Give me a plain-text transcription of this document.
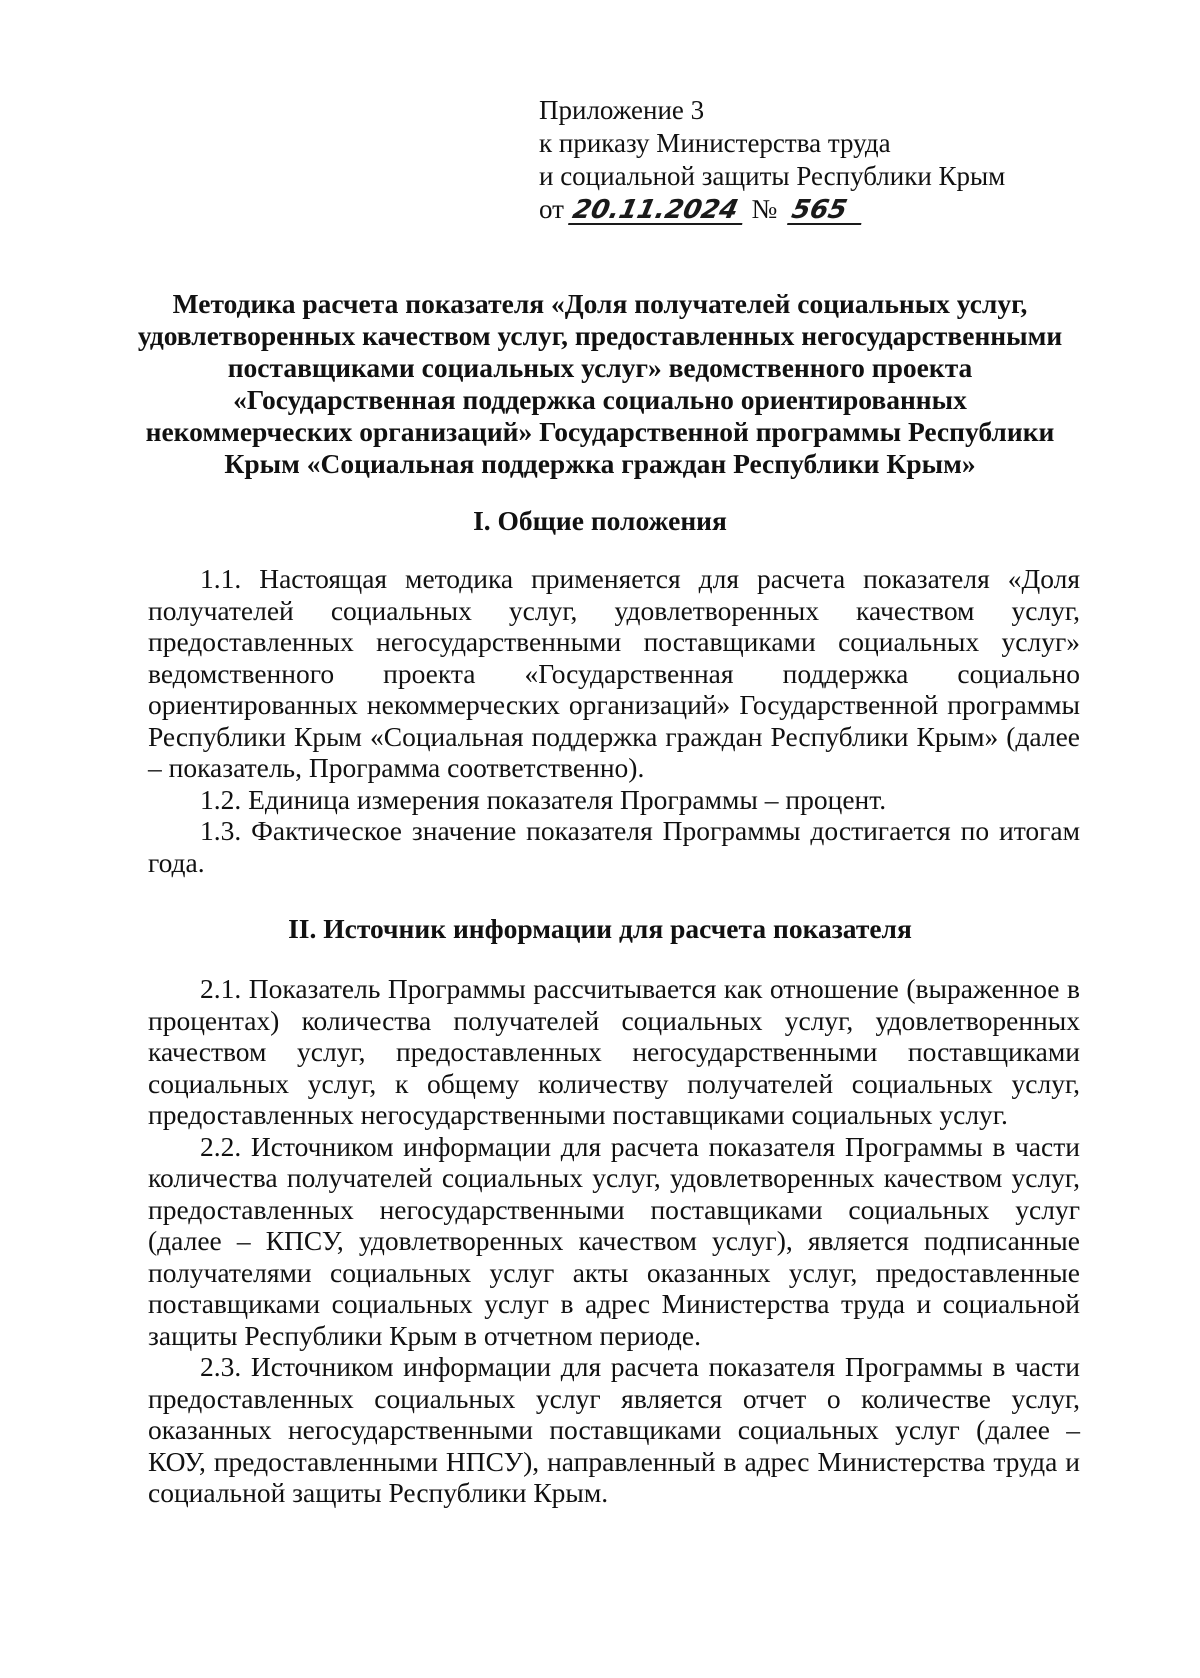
Приложение 3
к приказу Министерства труда
и социальной защиты Республики Крым
от 20.11.2024 № 565
Методика расчета показателя «Доля получателей социальных услуг,
удовлетворенных качеством услуг, предоставленных негосударственными
поставщиками социальных услуг» ведомственного проекта
«Государственная поддержка социально ориентированных
некоммерческих организаций» Государственной программы Республики
Крым «Социальная поддержка граждан Республики Крым»
I. Общие положения

1.1. Настоящая методика применяется для расчета показателя «Доля получателей социальных услуг, удовлетворенных качеством услуг, предоставленных негосударственными поставщиками социальных услуг» ведомственного проекта «Государственная поддержка социально ориентированных некоммерческих организаций» Государственной программы Республики Крым «Социальная поддержка граждан Республики Крым» (далее – показатель, Программа соответственно).

1.2. Единица измерения показателя Программы – процент.

1.3. Фактическое значение показателя Программы достигается по итогам года.

II. Источник информации для расчета показателя

2.1. Показатель Программы рассчитывается как отношение (выраженное в процентах) количества получателей социальных услуг, удовлетворенных качеством услуг, предоставленных негосударственными поставщиками социальных услуг, к общему количеству получателей социальных услуг, предоставленных негосударственными поставщиками социальных услуг.

2.2. Источником информации для расчета показателя Программы в части количества получателей социальных услуг, удовлетворенных качеством услуг, предоставленных негосударственными поставщиками социальных услуг (далее – КПСУ, удовлетворенных качеством услуг), является подписанные получателями социальных услуг акты оказанных услуг, предоставленные поставщиками социальных услуг в адрес Министерства труда и социальной защиты Республики Крым в отчетном периоде.

2.3. Источником информации для расчета показателя Программы в части предоставленных социальных услуг является отчет о количестве услуг, оказанных негосударственными поставщиками социальных услуг (далее – КОУ, предоставленными НПСУ), направленный в адрес Министерства труда и социальной защиты Республики Крым.
